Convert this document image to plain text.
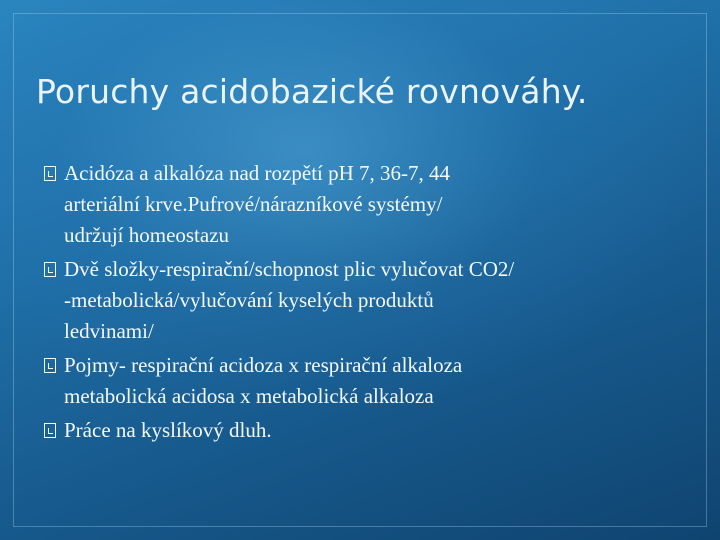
Poruchy acidobazické rovnováhy.
Acidóza a alkalóza nad rozpětí pH 7, 36-7, 44
arteriální krve.Pufrové/nárazníkové systémy/
udržují homeostazu
Dvě složky-respirační/schopnost plic vylučovat CO2/
-metabolická/vylučování kyselých produktů
ledvinami/
Pojmy- respirační acidoza x respirační alkaloza
metabolická acidosa x metabolická alkaloza
Práce na kyslíkový dluh.
